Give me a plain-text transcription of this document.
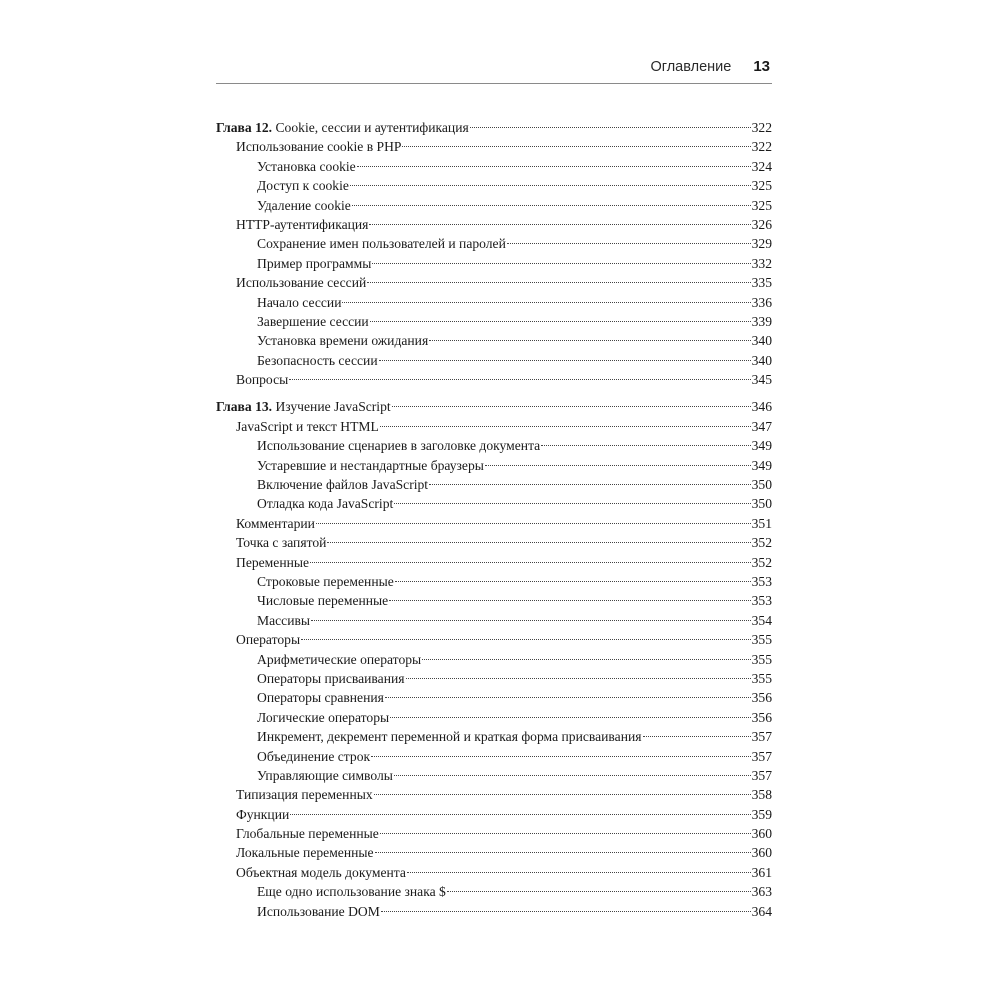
Оглавление 13
Глава 12. Cookie, сессии и аутентификация	322
Использование cookie в PHP	322
Установка cookie	324
Доступ к cookie	325
Удаление cookie	325
HTTP-аутентификация	326
Сохранение имен пользователей и паролей	329
Пример программы	332
Использование сессий	335
Начало сессии	336
Завершение сессии	339
Установка времени ожидания	340
Безопасность сессии	340
Вопросы	345
Глава 13. Изучение JavaScript	346
JavaScript и текст HTML	347
Использование сценариев в заголовке документа	349
Устаревшие и нестандартные браузеры	349
Включение файлов JavaScript	350
Отладка кода JavaScript	350
Комментарии	351
Точка с запятой	352
Переменные	352
Строковые переменные	353
Числовые переменные	353
Массивы	354
Операторы	355
Арифметические операторы	355
Операторы присваивания	355
Операторы сравнения	356
Логические операторы	356
Инкремент, декремент переменной и краткая форма присваивания	357
Объединение строк	357
Управляющие символы	357
Типизация переменных	358
Функции	359
Глобальные переменные	360
Локальные переменные	360
Объектная модель документа	361
Еще одно использование знака $	363
Использование DOM	364
